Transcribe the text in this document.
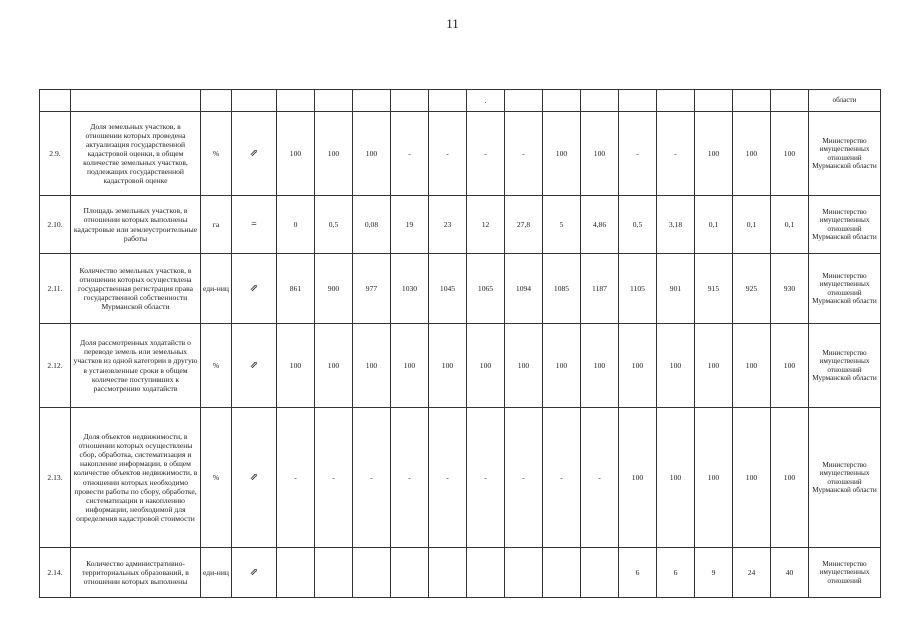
11
									.									области
2.9.	Доля земельных участков, в отношении которых проведена актуализация государственной кадастровой оценки, в общем количестве земельных участков, подлежащих государственной кадастровой оценке	%	⇗	100	100	100	-	-	-	-	100	100	-	-	100	100	100	Министерство имущественных отношений Мурманской области
2.10.	Площадь земельных участков, в отношении которых выполнены кадастровые или землеустроительные работы	га	=	0	0,5	0,08	19	23	12	27,8	5	4,86	0,5	3,18	0,1	0,1	0,1	Министерство имущественных отношений Мурманской области
2.11.	Количество земельных участков, в отношении которых осуществлена государственная регистрация права государственной собственности Мурманской области	еди-ниц	⇗	861	900	977	1030	1045	1065	1094	1085	1187	1105	901	915	925	930	Министерство имущественных отношений Мурманской области
2.12.	Доля рассмотренных ходатайств о переводе земель или земельных участков из одной категории в другую в установленные сроки в общем количестве поступивших к рассмотрению ходатайств	%	⇗	100	100	100	100	100	100	100	100	100	100	100	100	100	100	Министерство имущественных отношений Мурманской области
2.13.	Доля объектов недвижимости, в отношении которых осуществлены сбор, обработка, систематизация и накопление информации, в общем количестве объектов недвижимости, в отношении которых необходимо провести работы по сбору, обработке, систематизации и накоплению информации, необходимой для определения кадастровой стоимости	%	⇗	-	-	-	-	-	-	-	-	-	100	100	100	100	100	Министерство имущественных отношений Мурманской области
2.14.	Количество административно-территориальных образований, в отношении которых выполнены	еди-ниц	⇗										6	6	9	24	40	Министерство имущественных отношений
